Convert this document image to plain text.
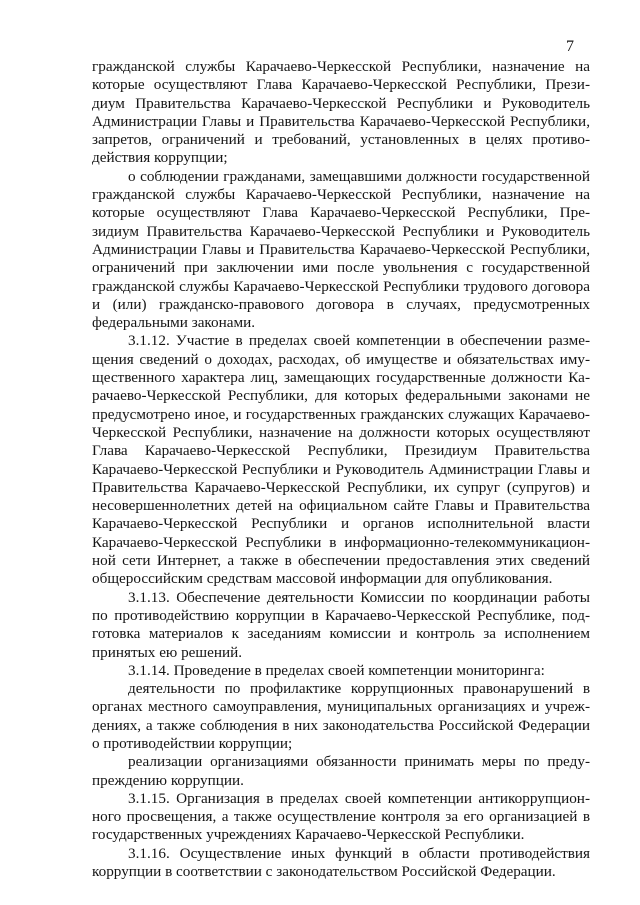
7

гражданской службы Карачаево-Черкесской Республики, назначение на которые осуществляют Глава Карачаево-Черкесской Республики, Президиум Правительства Карачаево-Черкесской Республики и Руководитель Администрации Главы и Правительства Карачаево-Черкесской Республики, запретов, ограничений и требований, установленных в целях противодействия коррупции;

о соблюдении гражданами, замещавшими должности государственной гражданской службы Карачаево-Черкесской Республики, назначение на которые осуществляют Глава Карачаево-Черкесской Республики, Президиум Правительства Карачаево-Черкесской Республики и Руководитель Администрации Главы и Правительства Карачаево-Черкесской Республики, ограничений при заключении ими после увольнения с государственной гражданской службы Карачаево-Черкесской Республики трудового договора и (или) гражданско-правового договора в случаях, предусмотренных федеральными законами.

3.1.12. Участие в пределах своей компетенции в обеспечении размещения сведений о доходах, расходах, об имуществе и обязательствах имущественного характера лиц, замещающих государственные должности Карачаево-Черкесской Республики, для которых федеральными законами не предусмотрено иное, и государственных гражданских служащих Карачаево-Черкесской Республики, назначение на должности которых осуществляют Глава Карачаево-Черкесской Республики, Президиум Правительства Карачаево-Черкесской Республики и Руководитель Администрации Главы и Правительства Карачаево-Черкесской Республики, их супруг (супругов) и несовершеннолетних детей на официальном сайте Главы и Правительства Карачаево-Черкесской Республики и органов исполнительной власти Карачаево-Черкесской Республики в информационно-телекоммуникационной сети Интернет, а также в обеспечении предоставления этих сведений общероссийским средствам массовой информации для опубликования.

3.1.13. Обеспечение деятельности Комиссии по координации работы по противодействию коррупции в Карачаево-Черкесской Республике, подготовка материалов к заседаниям комиссии и контроль за исполнением принятых ею решений.

3.1.14. Проведение в пределах своей компетенции мониторинга:

деятельности по профилактике коррупционных правонарушений в органах местного самоуправления, муниципальных организациях и учреждениях, а также соблюдения в них законодательства Российской Федерации о противодействии коррупции;

реализации организациями обязанности принимать меры по предупреждению коррупции.

3.1.15. Организация в пределах своей компетенции антикоррупционного просвещения, а также осуществление контроля за его организацией в государственных учреждениях Карачаево-Черкесской Республики.

3.1.16. Осуществление иных функций в области противодействия коррупции в соответствии с законодательством Российской Федерации.
